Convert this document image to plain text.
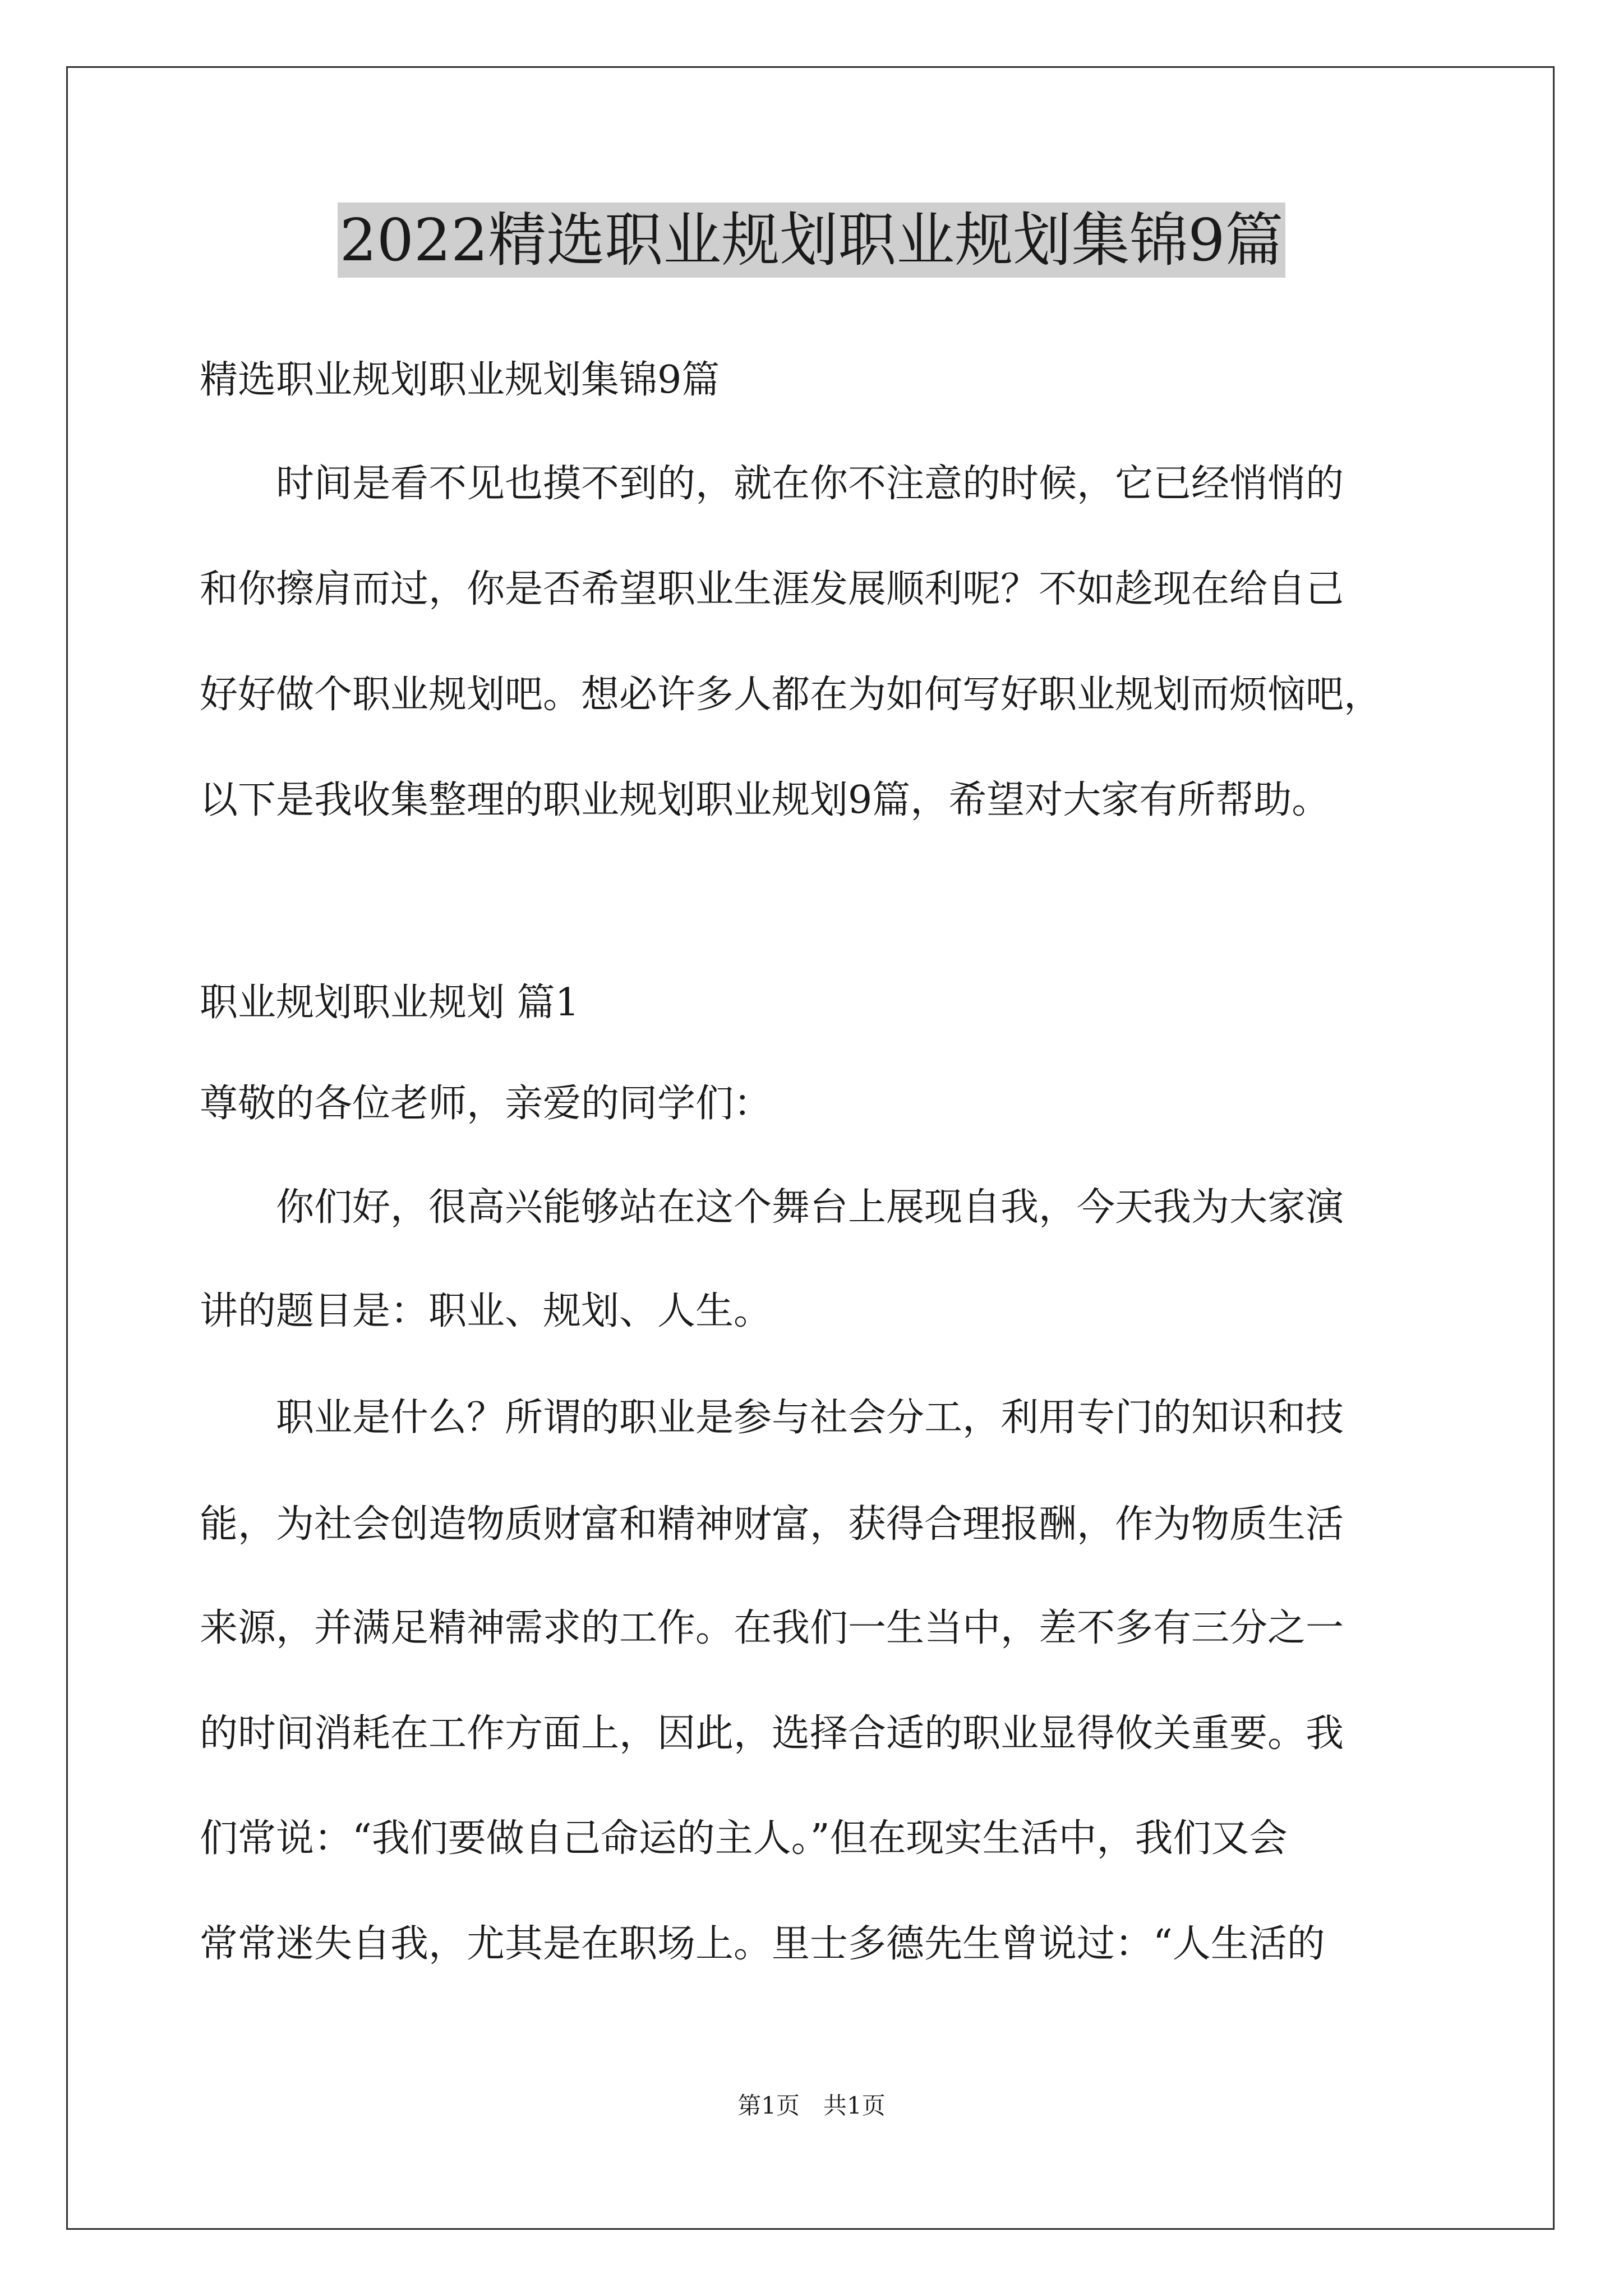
2022精选职业规划职业规划集锦9篇

精选职业规划职业规划集锦9篇

　　时间是看不见也摸不到的，就在你不注意的时候，它已经悄悄的

和你擦肩而过，你是否希望职业生涯发展顺利呢？不如趁现在给自己

好好做个职业规划吧。想必许多人都在为如何写好职业规划而烦恼吧，

以下是我收集整理的职业规划职业规划9篇，希望对大家有所帮助。

职业规划职业规划 篇1

尊敬的各位老师，亲爱的同学们：

　　你们好，很高兴能够站在这个舞台上展现自我，今天我为大家演

讲的题目是：职业、规划、人生。

　　职业是什么？所谓的职业是参与社会分工，利用专门的知识和技

能，为社会创造物质财富和精神财富，获得合理报酬，作为物质生活

来源，并满足精神需求的工作。在我们一生当中，差不多有三分之一

的时间消耗在工作方面上，因此，选择合适的职业显得攸关重要。我

们常说：“我们要做自己命运的主人。”但在现实生活中，我们又会

常常迷失自我，尤其是在职场上。里士多德先生曾说过：“人生活的

第1页　共1页
